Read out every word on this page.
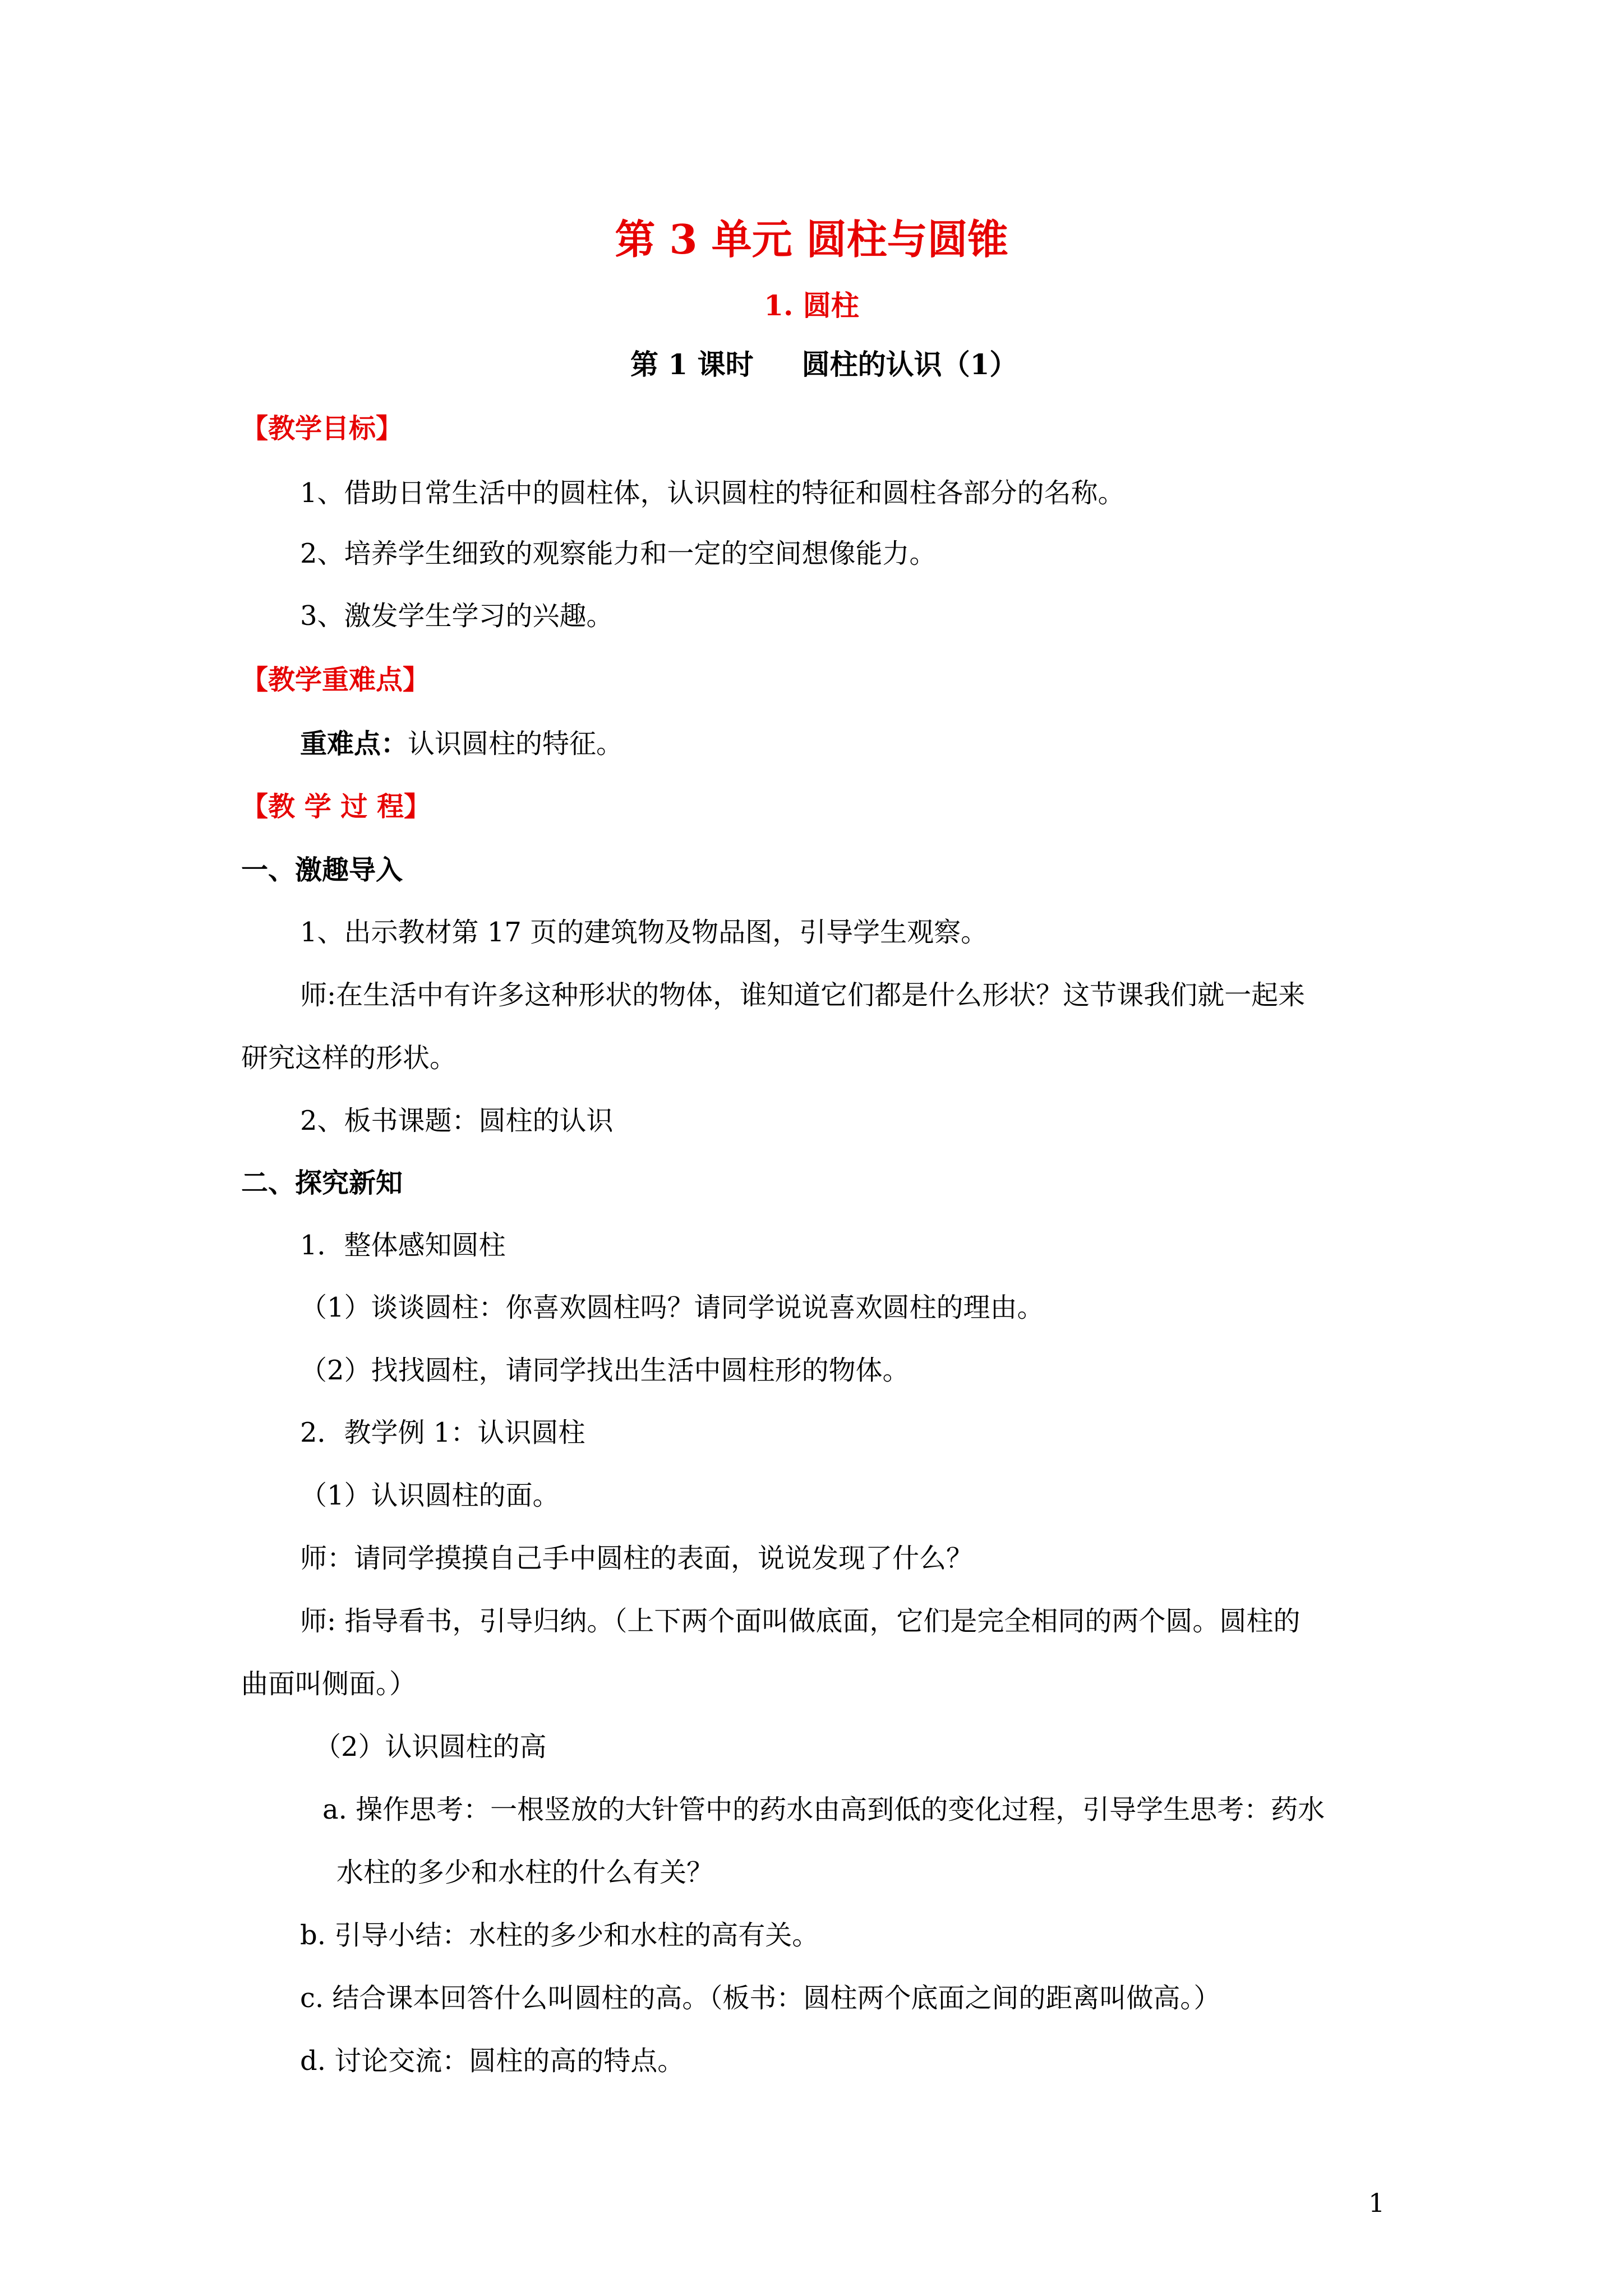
第 3 单元 圆柱与圆锥
1. 圆柱
第 1 课时 圆柱的认识（1）
【教学目标】
1、借助日常生活中的圆柱体，认识圆柱的特征和圆柱各部分的名称。
2、培养学生细致的观察能力和一定的空间想像能力。
3、激发学生学习的兴趣。
【教学重难点】
重难点：认识圆柱的特征。
【教 学 过 程】
一、激趣导入
1、出示教材第 17 页的建筑物及物品图，引导学生观察。
师:在生活中有许多这种形状的物体，谁知道它们都是什么形状？这节课我们就一起来
研究这样的形状。
2、板书课题：圆柱的认识
二、探究新知
1．整体感知圆柱
（1）谈谈圆柱：你喜欢圆柱吗？请同学说说喜欢圆柱的理由。
（2）找找圆柱，请同学找出生活中圆柱形的物体。
2．教学例 1：认识圆柱
（1）认识圆柱的面。
师：请同学摸摸自己手中圆柱的表面，说说发现了什么？
师: 指导看书，引导归纳。（上下两个面叫做底面，它们是完全相同的两个圆。圆柱的
曲面叫侧面。）
（2）认识圆柱的高
a. 操作思考：一根竖放的大针管中的药水由高到低的变化过程，引导学生思考：药水
水柱的多少和水柱的什么有关？
b. 引导小结：水柱的多少和水柱的高有关。
c. 结合课本回答什么叫圆柱的高。（板书：圆柱两个底面之间的距离叫做高。）
d. 讨论交流：圆柱的高的特点。
1
